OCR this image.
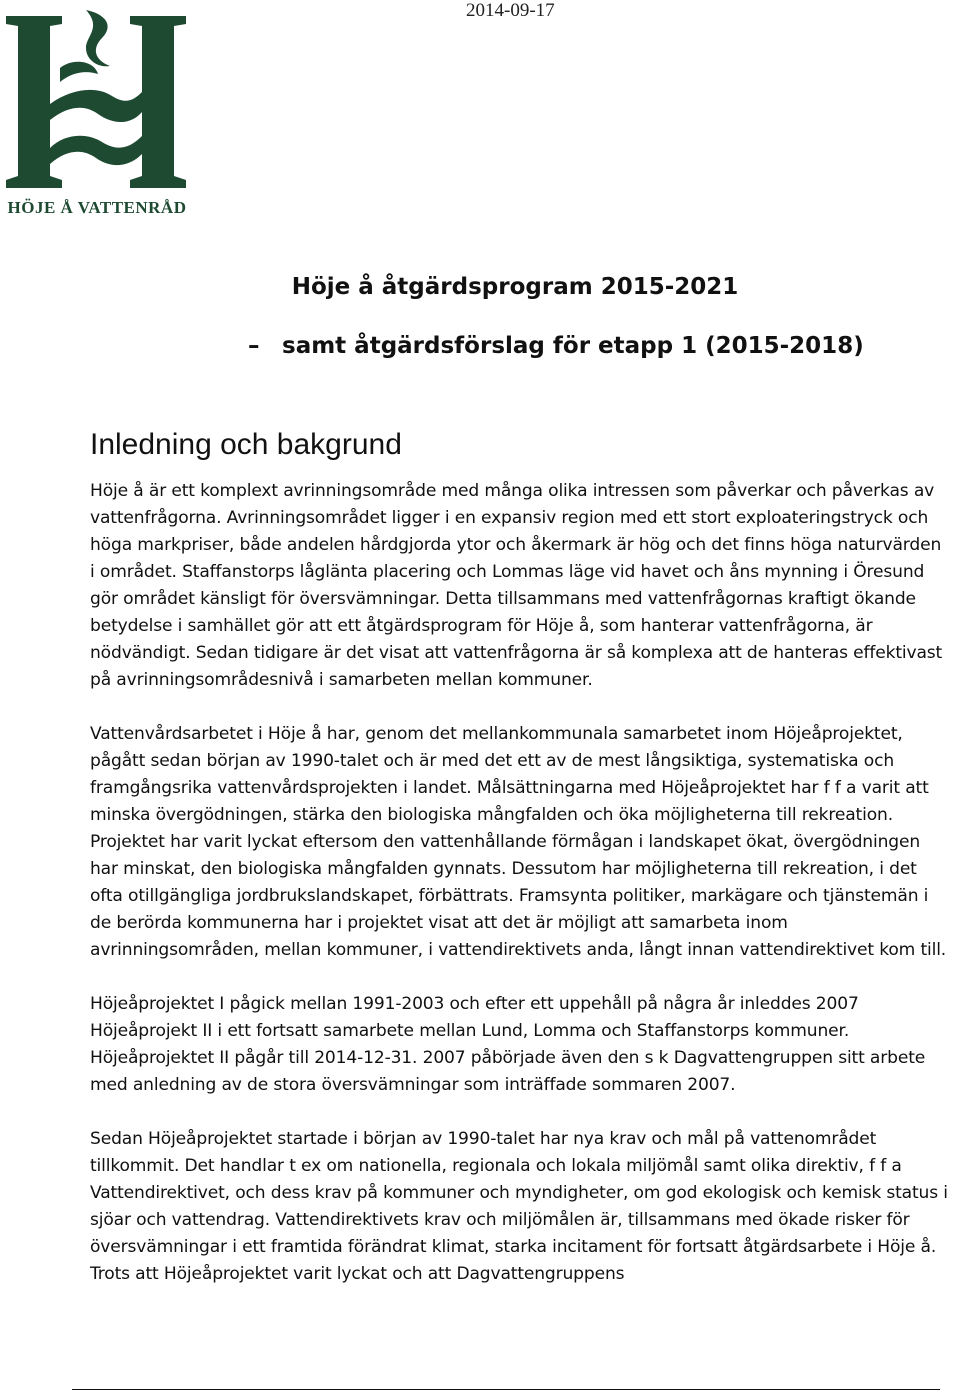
2014-09-17
HÖJE Å VATTENRÅD
Höje å åtgärdsprogram 2015-2021
– samt åtgärdsförslag för etapp 1 (2015-2018)
Inledning och bakgrund

Höje å är ett komplext avrinningsområde med många olika intressen som påverkar och påverkas av vattenfrågorna. Avrinningsområdet ligger i en expansiv region med ett stort exploateringstryck och höga markpriser, både andelen hårdgjorda ytor och åkermark är hög och det finns höga naturvärden i området. Staffanstorps låglänta placering och Lommas läge vid havet och åns mynning i Öresund gör området känsligt för översvämningar. Detta tillsammans med vattenfrågornas kraftigt ökande betydelse i samhället gör att ett åtgärdsprogram för Höje å, som hanterar vattenfrågorna, är nödvändigt. Sedan tidigare är det visat att vattenfrågorna är så komplexa att de hanteras effektivast på avrinningsområdesnivå i samarbeten mellan kommuner.

Vattenvårdsarbetet i Höje å har, genom det mellankommunala samarbetet inom Höjeåprojektet, pågått sedan början av 1990-talet och är med det ett av de mest långsiktiga, systematiska och framgångsrika vattenvårdsprojekten i landet. Målsättningarna med Höjeåprojektet har f f a varit att minska övergödningen, stärka den biologiska mångfalden och öka möjligheterna till rekreation. Projektet har varit lyckat eftersom den vattenhållande förmågan i landskapet ökat, övergödningen har minskat, den biologiska mångfalden gynnats. Dessutom har möjligheterna till rekreation, i det ofta otillgängliga jordbrukslandskapet, förbättrats. Framsynta politiker, markägare och tjänstemän i de berörda kommunerna har i projektet visat att det är möjligt att samarbeta inom avrinningsområden, mellan kommuner, i vattendirektivets anda, långt innan vattendirektivet kom till.

Höjeåprojektet I pågick mellan 1991-2003 och efter ett uppehåll på några år inleddes 2007 Höjeåprojekt II i ett fortsatt samarbete mellan Lund, Lomma och Staffanstorps kommuner. Höjeåprojektet II pågår till 2014-12-31. 2007 påbörjade även den s k Dagvattengruppen sitt arbete med anledning av de stora översvämningar som inträffade sommaren 2007.

Sedan Höjeåprojektet startade i början av 1990-talet har nya krav och mål på vattenområdet tillkommit. Det handlar t ex om nationella, regionala och lokala miljömål samt olika direktiv, f f a Vattendirektivet, och dess krav på kommuner och myndigheter, om god ekologisk och kemisk status i sjöar och vattendrag. Vattendirektivets krav och miljömålen är, tillsammans med ökade risker för översvämningar i ett framtida förändrat klimat, starka incitament för fortsatt åtgärdsarbete i Höje å. Trots att Höjeåprojektet varit lyckat och att Dagvattengruppens
